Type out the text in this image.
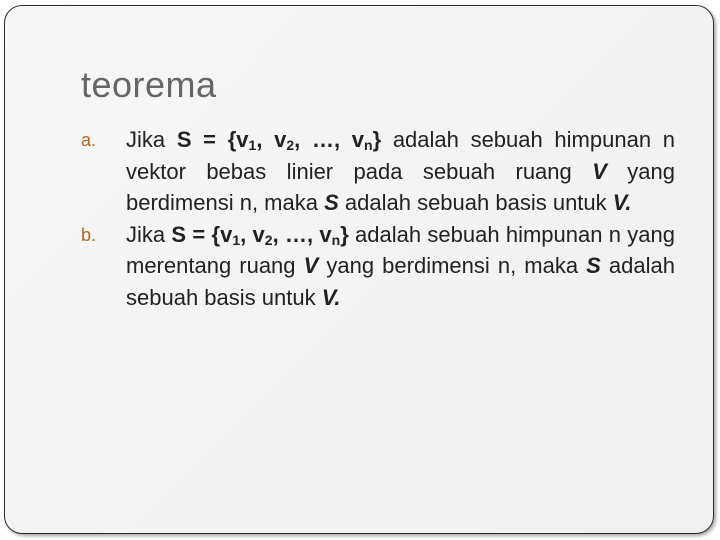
teorema
a. Jika $S = \{v_1$, $v_2$, …, $v_n$} adalah sebuah himpunan n vektor bebas linier pada sebuah ruang V yang berdimensi n, maka S adalah sebuah basis untuk V.
b. Jika $S = \{v_1$, $v_2$, …, $v_n$} adalah sebuah himpunan n yang merentang ruang V yang berdimensi n, maka S adalah sebuah basis untuk V.
